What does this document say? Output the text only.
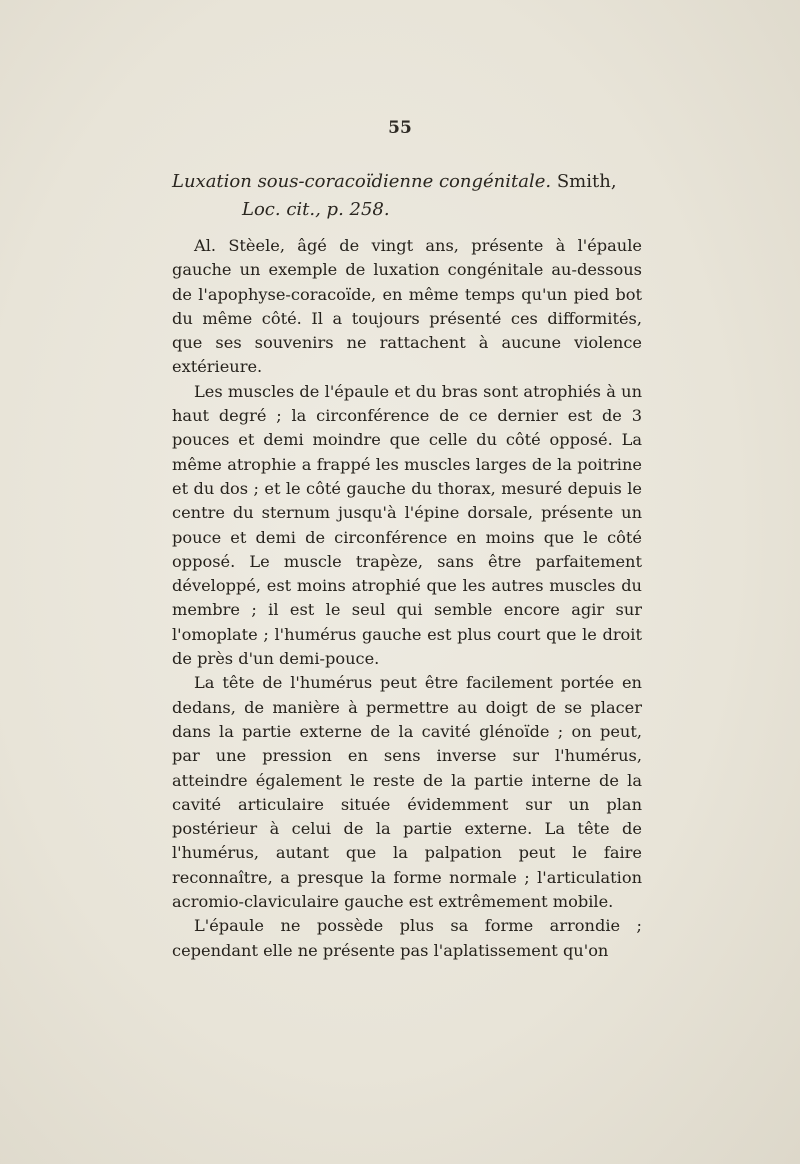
55
Luxation sous-coracoïdienne congénitale. Smith,
Loc. cit., p. 258.

Al. Stèele, âgé de vingt ans, présente à l'épaule gauche un exemple de luxation congénitale au-dessous de l'apophyse-coracoïde, en même temps qu'un pied bot du même côté. Il a toujours présenté ces difformités, que ses souvenirs ne rattachent à aucune violence extérieure.

Les muscles de l'épaule et du bras sont atrophiés à un haut degré ; la circonférence de ce dernier est de 3 pouces et demi moindre que celle du côté opposé. La même atrophie a frappé les muscles larges de la poitrine et du dos ; et le côté gauche du thorax, mesuré depuis le centre du sternum jusqu'à l'épine dorsale, présente un pouce et demi de circonférence en moins que le côté opposé. Le muscle trapèze, sans être parfaitement développé, est moins atrophié que les autres muscles du membre ; il est le seul qui semble encore agir sur l'omoplate ; l'humérus gauche est plus court que le droit de près d'un demi-pouce.

La tête de l'humérus peut être facilement portée en dedans, de manière à permettre au doigt de se placer dans la partie externe de la cavité glénoïde ; on peut, par une pression en sens inverse sur l'humérus, atteindre également le reste de la partie interne de la cavité articulaire située évidemment sur un plan postérieur à celui de la partie externe. La tête de l'humérus, autant que la palpation peut le faire reconnaître, a presque la forme normale ; l'articulation acromio-claviculaire gauche est extrêmement mobile.

L'épaule ne possède plus sa forme arrondie ; cependant elle ne présente pas l'aplatissement qu'on
